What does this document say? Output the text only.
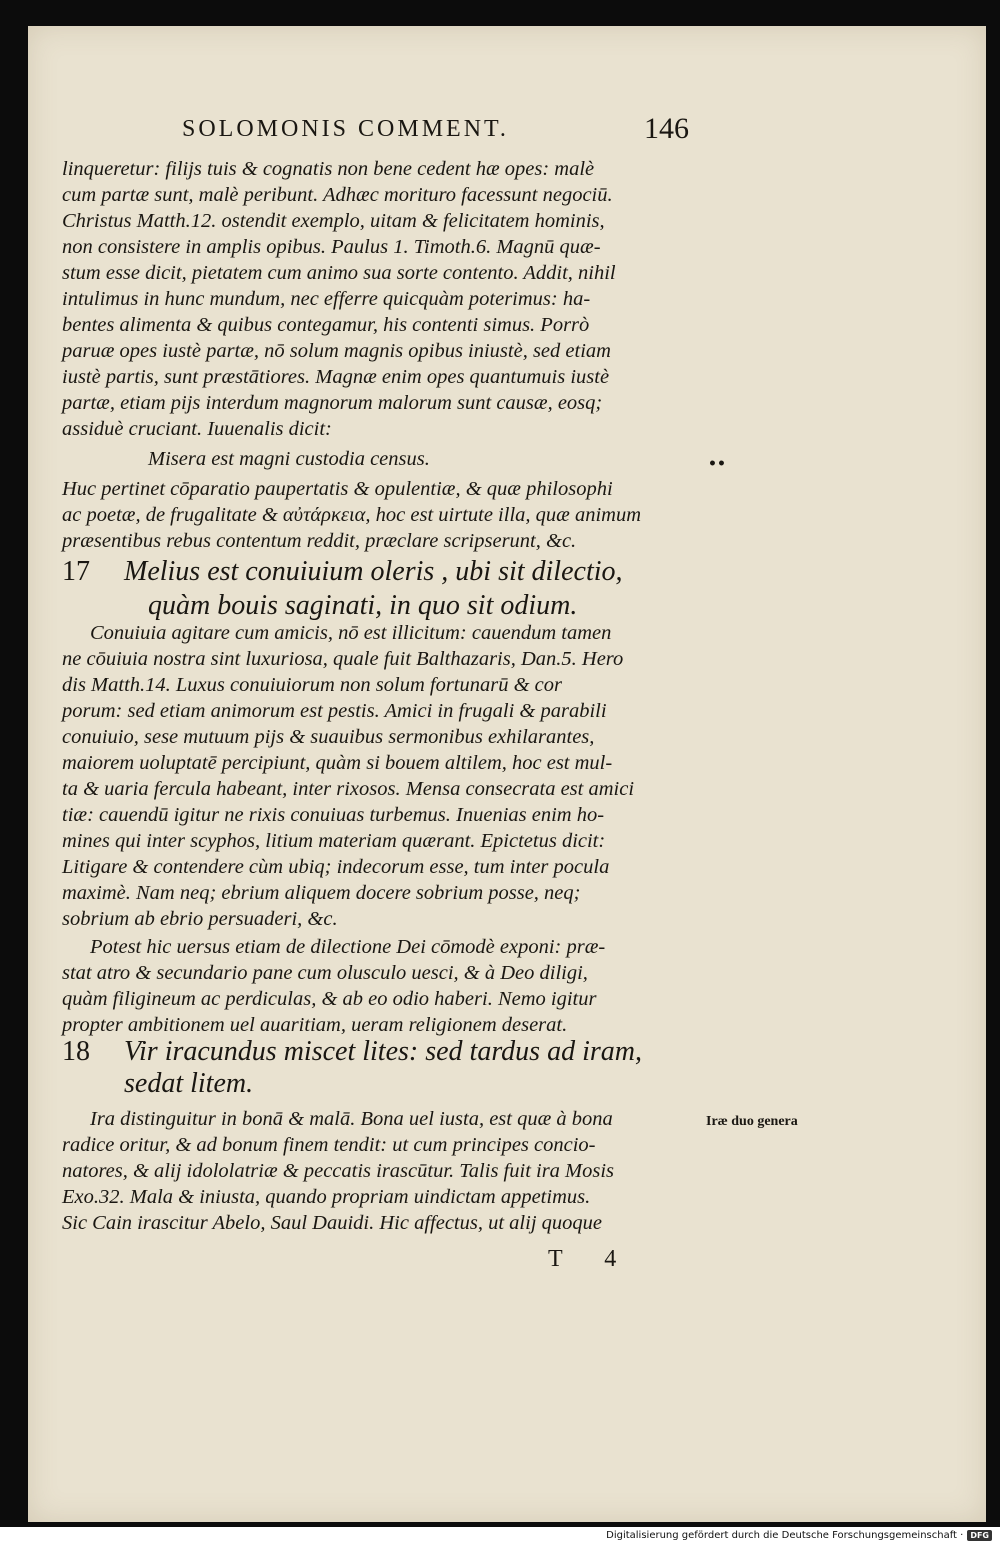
SOLOMONIS COMMENT.	146
linqueretur: filijs tuis & cognatis non bene cedent hæ opes: malè
cum partæ sunt, malè peribunt. Adhæc morituro facessunt negociū.
Christus Matth.12. ostendit exemplo, uitam & felicitatem hominis,
non consistere in amplis opibus. Paulus 1. Timoth.6. Magnū quæ-
stum esse dicit, pietatem cum animo sua sorte contento. Addit, nihil
intulimus in hunc mundum, nec efferre quicquàm poterimus: ha-
bentes alimenta & quibus contegamur, his contenti simus. Porrò
paruæ opes iustè partæ, nō solum magnis opibus iniustè, sed etiam
iustè partis, sunt præstātiores. Magnæ enim opes quantumuis iustè
partæ, etiam pijs interdum magnorum malorum sunt causæ, eosq;
assiduè cruciant. Iuuenalis dicit:
Misera est magni custodia census.	••
Huc pertinet cōparatio paupertatis & opulentiæ, & quæ philosophi
ac poetæ, de frugalitate & αὐτάρκεια, hoc est uirtute illa, quæ animum
præsentibus rebus contentum reddit, præclare scripserunt, &c.
17 Melius est conuiuium oleris , ubi sit dilectio,
quàm bouis saginati, in quo sit odium.
Conuiuia agitare cum amicis, nō est illicitum: cauendum tamen
ne cōuiuia nostra sint luxuriosa, quale fuit Balthazaris, Dan.5. Hero
dis Matth.14. Luxus conuiuiorum non solum fortunarū & cor
porum: sed etiam animorum est pestis. Amici in frugali & parabili
conuiuio, sese mutuum pijs & suauibus sermonibus exhilarantes,
maiorem uoluptatē percipiunt, quàm si bouem altilem, hoc est mul-
ta & uaria fercula habeant, inter rixosos. Mensa consecrata est amici
tiæ: cauendū igitur ne rixis conuiuas turbemus. Inuenias enim ho-
mines qui inter scyphos, litium materiam quærant. Epictetus dicit:
Litigare & contendere cùm ubiq; indecorum esse, tum inter pocula
maximè. Nam neq; ebrium aliquem docere sobrium posse, neq;
sobrium ab ebrio persuaderi, &c.
Potest hic uersus etiam de dilectione Dei cōmodè exponi: præ-
stat atro & secundario pane cum olusculo uesci, & à Deo diligi,
quàm filigineum ac perdiculas, & ab eo odio haberi. Nemo igitur
propter ambitionem uel auaritiam, ueram religionem deserat.
18 Vir iracundus miscet lites: sed tardus ad iram,
sedat litem.
Ira distinguitur in bonā & malā. Bona uel iusta, est quæ à bona	Iræ duo genera
radice oritur, & ad bonum finem tendit: ut cum principes concio-
natores, & alij idololatriæ & peccatis irascūtur. Talis fuit ira Mosis
Exo.32. Mala & iniusta, quando propriam uindictam appetimus.
Sic Cain irascitur Abelo, Saul Dauidi. Hic affectus, ut alij quoque
T 4
Digitalisierung gefördert durch die Deutsche Forschungsgemeinschaft · DFG
